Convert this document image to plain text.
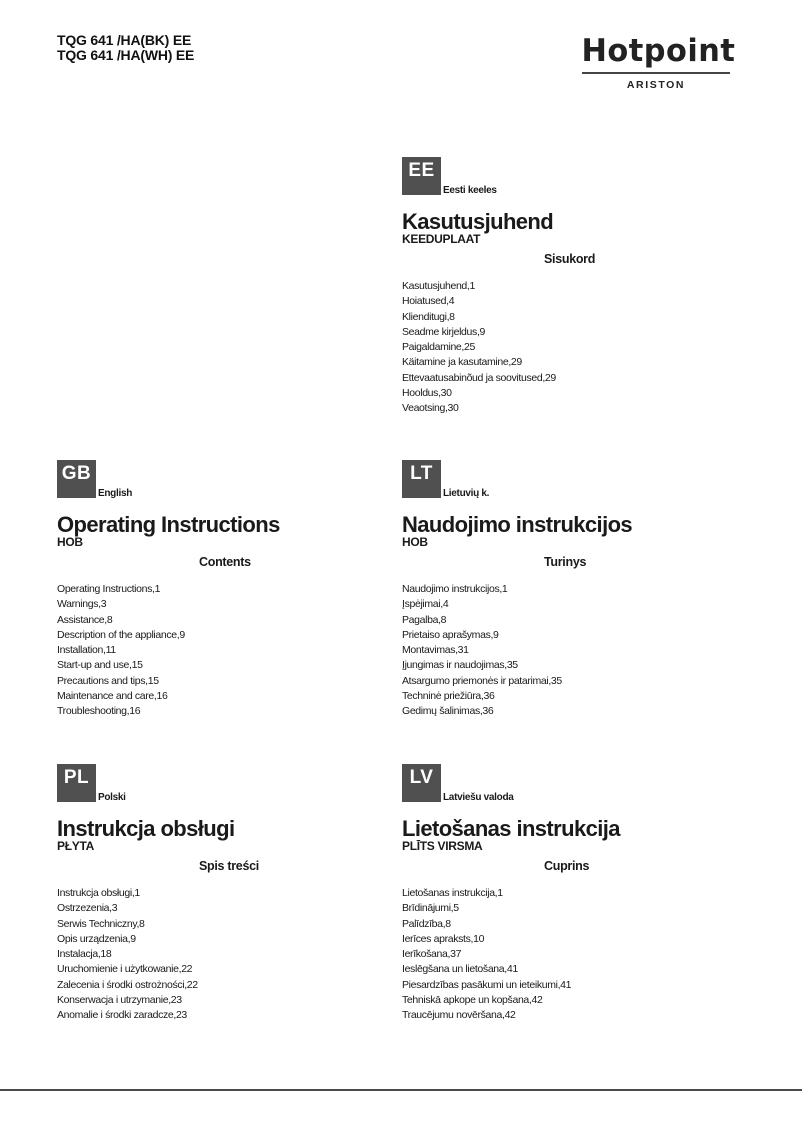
TQG 641 /HA(BK) EE
TQG 641 /HA(WH) EE	Hotpoint
ARISTON
EE
Eesti keeles
Kasutusjuhend
KEEDUPLAAT
Sisukord
Kasutusjuhend,1
Hoiatused,4
Klienditugi,8
Seadme kirjeldus,9
Paigaldamine,25
Käitamine ja kasutamine,29
Ettevaatusabinõud ja soovitused,29
Hooldus,30
Veaotsing,30
GB
English
Operating Instructions
HOB
Contents
Operating Instructions,1
Warnings,3
Assistance,8
Description of the appliance,9
Installation,11
Start-up and use,15
Precautions and tips,15
Maintenance and care,16
Troubleshooting,16
LT
Lietuvių k.
Naudojimo instrukcijos
HOB
Turinys
Naudojimo instrukcijos,1
Įspėjimai,4
Pagalba,8
Prietaiso aprašymas,9
Montavimas,31
Įjungimas ir naudojimas,35
Atsargumo priemonės ir patarimai,35
Techninė priežiūra,36
Gedimų šalinimas,36
PL
Polski
Instrukcja obsługi
PŁYTA
Spis treści
Instrukcja obsługi,1
Ostrzezenia,3
Serwis Techniczny,8
Opis urządzenia,9
Instalacja,18
Uruchomienie i użytkowanie,22
Zalecenia i środki ostrożności,22
Konserwacja i utrzymanie,23
Anomalie i środki zaradcze,23
LV
Latviešu valoda
Lietošanas instrukcija
PLĪTS VIRSMA
Cuprins
Lietošanas instrukcija,1
Brīdinājumi,5
Palīdzība,8
Ierīces apraksts,10
Ierīkošana,37
Ieslēgšana un lietošana,41
Piesardzības pasākumi un ieteikumi,41
Tehniskā apkope un kopšana,42
Traucējumu novēršana,42
